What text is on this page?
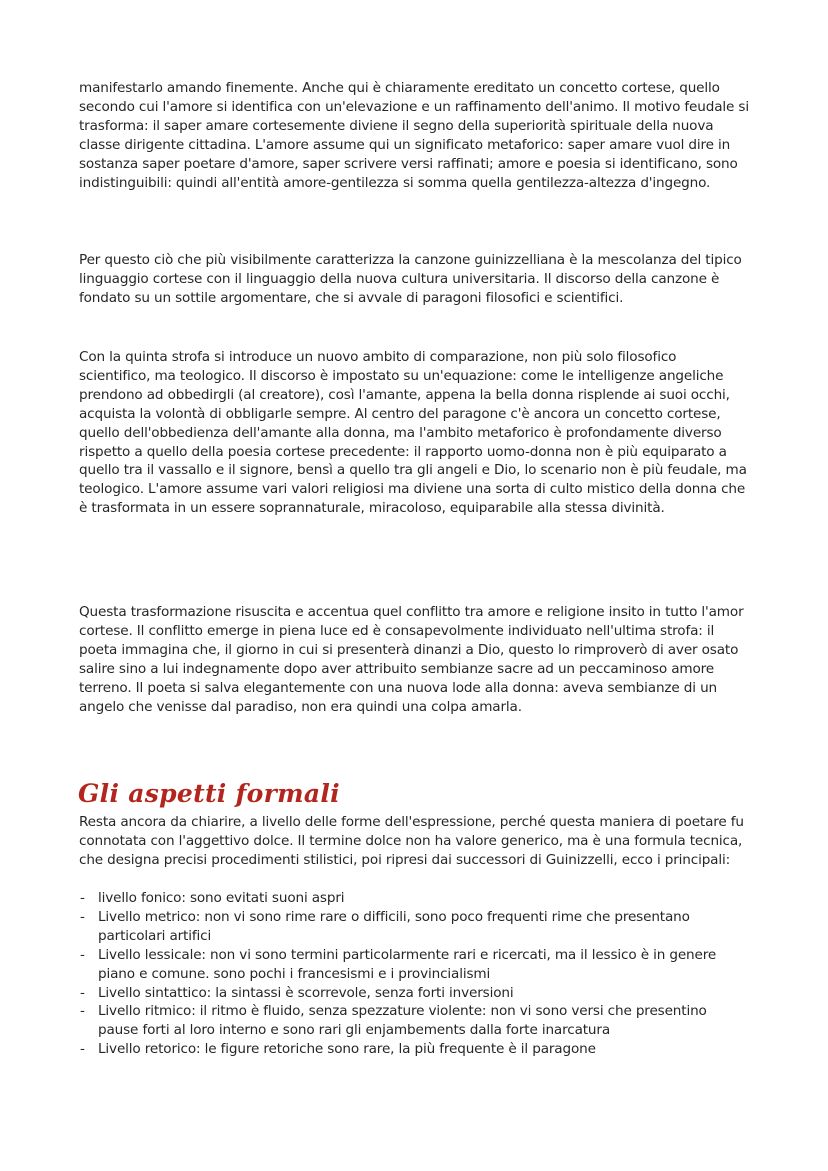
manifestarlo amando finemente. Anche qui è chiaramente ereditato un concetto cortese, quello secondo cui l'amore si identifica con un'elevazione e un raffinamento dell'animo. Il motivo feudale si trasforma: il saper amare cortesemente diviene il segno della superiorità spirituale della nuova classe dirigente cittadina. L'amore assume qui un significato metaforico: saper amare vuol dire in sostanza saper poetare d'amore, saper scrivere versi raffinati; amore e poesia si identificano, sono indistinguibili: quindi all'entità amore-gentilezza si somma quella gentilezza-altezza d'ingegno.

Per questo ciò che più visibilmente caratterizza la canzone guinizzelliana è la mescolanza del tipico linguaggio cortese con il linguaggio della nuova cultura universitaria. Il discorso della canzone è fondato su un sottile argomentare, che si avvale di paragoni filosofici e scientifici.

Con la quinta strofa si introduce un nuovo ambito di comparazione, non più solo filosofico scientifico, ma teologico. Il discorso è impostato su un'equazione: come le intelligenze angeliche prendono ad obbedirgli (al creatore), così l'amante, appena la bella donna risplende ai suoi occhi, acquista la volontà di obbligarle sempre. Al centro del paragone c'è ancora un concetto cortese, quello dell'obbedienza dell'amante alla donna, ma l'ambito metaforico è profondamente diverso rispetto a quello della poesia cortese precedente: il rapporto uomo-donna non è più equiparato a quello tra il vassallo e il signore, bensì a quello tra gli angeli e Dio, lo scenario non è più feudale, ma teologico. L'amore assume vari valori religiosi ma diviene una sorta di culto mistico della donna che è trasformata in un essere soprannaturale, miracoloso, equiparabile alla stessa divinità.

Questa trasformazione risuscita e accentua quel conflitto tra amore e religione insito in tutto l'amor cortese. Il conflitto emerge in piena luce ed è consapevolmente individuato nell'ultima strofa: il poeta immagina che, il giorno in cui si presenterà dinanzi a Dio, questo lo rimproverò di aver osato salire sino a lui indegnamente dopo aver attribuito sembianze sacre ad un peccaminoso amore terreno. Il poeta si salva elegantemente con una nuova lode alla donna: aveva sembianze di un angelo che venisse dal paradiso, non era quindi una colpa amarla.

Gli aspetti formali

Resta ancora da chiarire, a livello delle forme dell'espressione, perché questa maniera di poetare fu connotata con l'aggettivo dolce. Il termine dolce non ha valore generico, ma è una formula tecnica, che designa precisi procedimenti stilistici, poi ripresi dai successori di Guinizzelli, ecco i principali:

- livello fonico: sono evitati suoni aspri
- Livello metrico: non vi sono rime rare o difficili, sono poco frequenti rime che presentano particolari artifici
- Livello lessicale: non vi sono termini particolarmente rari e ricercati, ma il lessico è in genere piano e comune. sono pochi i francesismi e i provincialismi
- Livello sintattico: la sintassi è scorrevole, senza forti inversioni
- Livello ritmico: il ritmo è fluido, senza spezzature violente: non vi sono versi che presentino pause forti al loro interno e sono rari gli enjambements dalla forte inarcatura
- Livello retorico: le figure retoriche sono rare, la più frequente è il paragone
